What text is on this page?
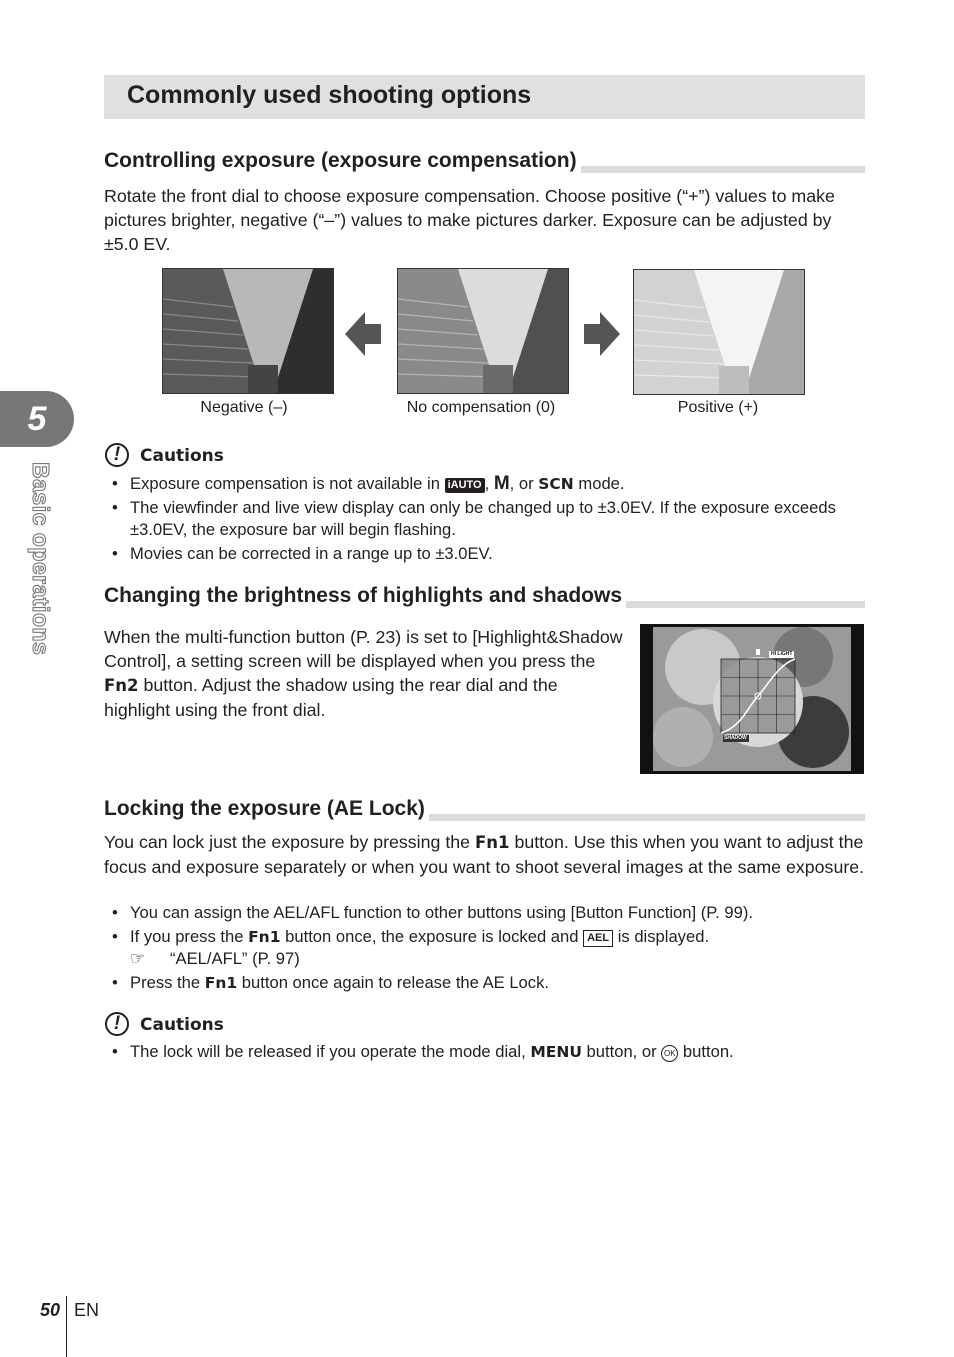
5
Basic operations
Commonly used shooting options
Controlling exposure (exposure compensation)
Rotate the front dial to choose exposure compensation. Choose positive (“+”) values to make pictures brighter, negative (“–”) values to make pictures darker. Exposure can be adjusted by ±5.0 EV.
Negative (–)	No compensation (0)	Positive (+)
!	Cautions
• Exposure compensation is not available in iAUTO , M, or SCN mode.
• The viewfinder and live view display can only be changed up to ±3.0EV. If the exposure exceeds ±3.0EV, the exposure bar will begin flashing.
• Movies can be corrected in a range up to ±3.0EV.
Changing the brightness of highlights and shadows
When the multi-function button (P. 23) is set to [Highlight&Shadow Control], a setting screen will be displayed when you press the Fn2 button. Adjust the shadow using the rear dial and the highlight using the front dial.
HI LIGHT
SHADOW
Locking the exposure (AE Lock)
You can lock just the exposure by pressing the Fn1 button. Use this when you want to adjust the focus and exposure separately or when you want to shoot several images at the same exposure.
• You can assign the AEL/AFL function to other buttons using [Button Function] (P. 99).
• If you press the Fn1 button once, the exposure is locked and AEL is displayed.
☞ “AEL/AFL” (P. 97)
• Press the Fn1 button once again to release the AE Lock.
!	Cautions
• The lock will be released if you operate the mode dial, MENU button, or OK button.
50 EN
